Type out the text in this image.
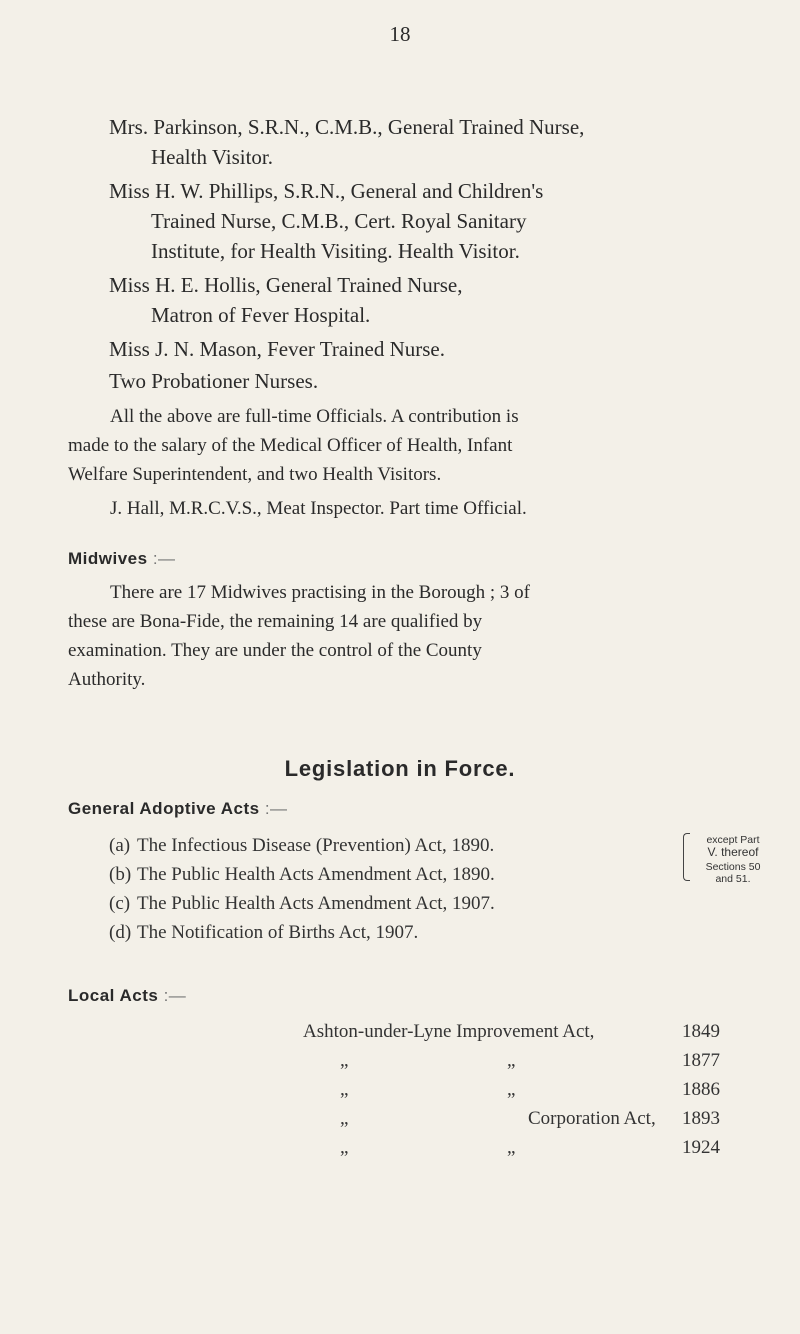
18
Mrs. Parkinson, S.R.N., C.M.B., General Trained Nurse,
Health Visitor.
Miss H. W. Phillips, S.R.N., General and Children's
Trained Nurse, C.M.B., Cert. Royal Sanitary
Institute, for Health Visiting. Health Visitor.
Miss H. E. Hollis, General Trained Nurse,
Matron of Fever Hospital.
Miss J. N. Mason, Fever Trained Nurse.
Two Probationer Nurses.
All the above are full-time Officials. A contribution is
made to the salary of the Medical Officer of Health, Infant
Welfare Superintendent, and two Health Visitors.
J. Hall, M.R.C.V.S., Meat Inspector. Part time Official.
Midwives :—
There are 17 Midwives practising in the Borough ; 3 of
these are Bona-Fide, the remaining 14 are qualified by
examination. They are under the control of the County
Authority.
Legislation in Force.
General Adoptive Acts :—
(a) The Infectious Disease (Prevention) Act, 1890.
(b) The Public Health Acts Amendment Act, 1890.
(c) The Public Health Acts Amendment Act, 1907.
(d) The Notification of Births Act, 1907.
except Part
V. thereof
Sections 50
and 51.
Local Acts :—
Ashton-under-Lyne Improvement Act,	1849
„	„	1877
„	„	1886
„	Corporation Act, 1893
„	„	1924
